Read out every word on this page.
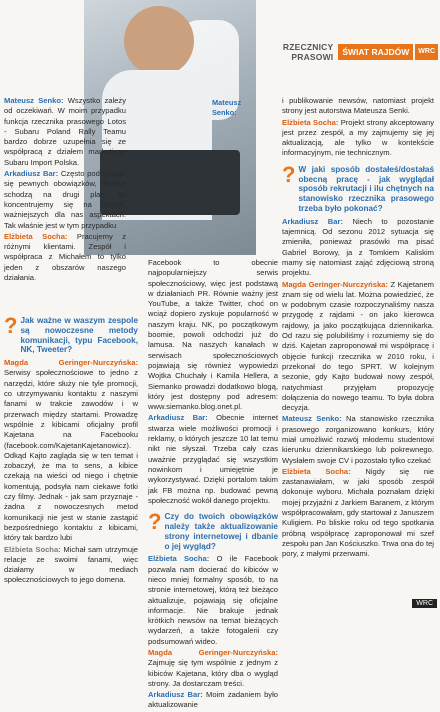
RZECZNICY PRASOWI	ŚWIAT RAJDÓW	WRC

Mateusz Senko: Wszystko zależy od oczekiwań. W moim przypadku funkcja rzecznika prasowego Lotos - Subaru Poland Rally Teamu bardzo dobrze uzupełnia się ze współpracą z działem marketingu Subaru Import Polska.

Arkadiusz Bar: Często podejmując się pewnych obowiązków, finanse schodzą na drugi plan, bo koncentrujemy się na innych, ważniejszych dla nas aspektach. Tak właśnie jest w tym przypadku

Elżbieta Socha: Pracujemy z różnymi klientami. Zespół i współpraca z Michałem to tylko jeden z obszarów naszego działania.

? Jak ważne w waszym zespole są nowoczesne metody komunikacji, typu Facebook, NK, Tweeter?

Magda Geringer-Nurczyńska: Serwisy społecznościowe to jedno z narzędzi, które służy nie tyle promocji, co utrzymywaniu kontaktu z naszymi fanami w trakcie zawodów i w przerwach między startami. Prowadzę wspólnie z kibicami oficjalny profil Kajetana na Facebooku (facebook.com/KajetanKajetanowicz). Odkąd Kajto zagląda się w ten temat i zobaczył, że ma to sens, a kibice czekają na wieści od niego i chętnie komentują, podsyła nam ciekawe fotki czy filmy. Jednak - jak sam przyznaje - żadna z nowoczesnych metod komunikacji nie jest w stanie zastąpić bezpośredniego kontaktu z kibicami, który tak bardzo lubi

Elżbieta Socha: Michał sam utrzymuje relacje ze swoimi fanami, więc działamy w mediach społecznościowych to jego domena.

Facebook to obecnie najpopularniejszy serwis społecznościowy, więc jest podstawą w działaniach PR. Równie ważny jest YouTube, a także Twitter, choć on wciąż dopiero zyskuje popularność w naszym kraju. NK, po początkowym boomie, powoli odchodzi już do lamusa. Na naszych kanałach w serwisach społecznościowych pojawiają się również wypowiedzi Wojtka Chuchały i Kamila Hellera, a Siemanko prowadzi dodatkowo blogą, który jest dostępny pod adresem: www.siemanko.blog.onet.pl.

Arkadiusz Bar: Obecnie internet stwarza wiele możliwości promocji i reklamy, o których jeszcze 10 lat temu nikt nie słyszał. Trzeba cały czas uważnie przyglądać się wszystkim nowinkom i umiejętnie je wykorzystywać. Dzięki portalom takim jak FB można np. budować pewną społeczność wokół danego projektu.

? Czy do twoich obowiązków należy także aktualizowanie strony internetowej i dbanie o jej wygląd?

Elżbieta Socha: O ile Facebook pozwala nam docierać do kibiców w nieco mniej formalny sposób, to na stronie internetowej, którą też bieżąco aktualizuje, pojawiają się oficjalne informacje. Nie brakuje jednak krótkich newsów na temat bieżących wydarzeń, a także fotogalerii czy podsumowań wideo.

Magda Geringer-Nurczyńska: Zajmuję się tym wspólnie z jednym z kibiców Kajetana, który dba o wygląd strony. Ja dostarczam treści.

Arkadiusz Bar: Moim zadaniem było aktualizowanie

Mateusz Senko:

i publikowanie newsów, natomiast projekt strony jest autorstwa Mateusza Senki.

Elżbieta Socha: Projekt strony akceptowany jest przez zespół, a my zajmujemy się jej aktualizacją, ale tylko w kontekście informacyjnym, nie technicznym.

? W jaki sposób dostałeś/dostałaś obecną pracę - jak wyglądał sposób rekrutacji i ilu chętnych na stanowisko rzecznika prasowego trzeba było pokonać?

Arkadiusz Bar: Niech to pozostanie tajemnicą. Od sezonu 2012 sytuacja się zmieniła, ponieważ prasówki ma pisać Gabriel Borowy, ja z Tomkiem Kaliskim mamy się natomiast zająć zdjęciową stroną projektu.

Magda Geringer-Nurczyńska: Z Kajetanem znam się od wielu lat. Można powiedzieć, że w podobnym czasie rozpoczynaliśmy nasza przygodę z rajdami - on jako kierowca rajdowy, ja jako początkująca dziennikarka. Od razu się polubiliśmy i rozumiemy się do dziś. Kajetan zaproponował mi współpracę i objęcie funkcji rzecznika w 2010 roku, i przekonał do tego SPRT. W kolejnym sezonie, gdy Kajto budował nowy zespół, natychmiast przyjęłam propozycję dołączenia do nowego teamu. To była dobra decyzja.

Mateusz Senko: Na stanowisko rzecznika prasowego zorganizowano konkurs, który miał umożliwić rozwój młodemu studentowi kierunku dziennikarskiego lub pokrewnego. Wysłałem swoje CV i pozostało tylko czekać

Elżbieta Socha: Nigdy się nie zastanawiałam, w jaki sposób zespół dokonuje wyboru. Michała poznałam dzięki mojej przyjaźni z Jarkiem Baranem, z którym współpracowałam, gdy startował z Januszem Kuligiem. Po bliskie roku od tego spotkania próbną współpracę zaproponował mi szef zespołu pan Jan Kościuszko. Trwa ona do tej pory, z małymi przerwami.

WRC
